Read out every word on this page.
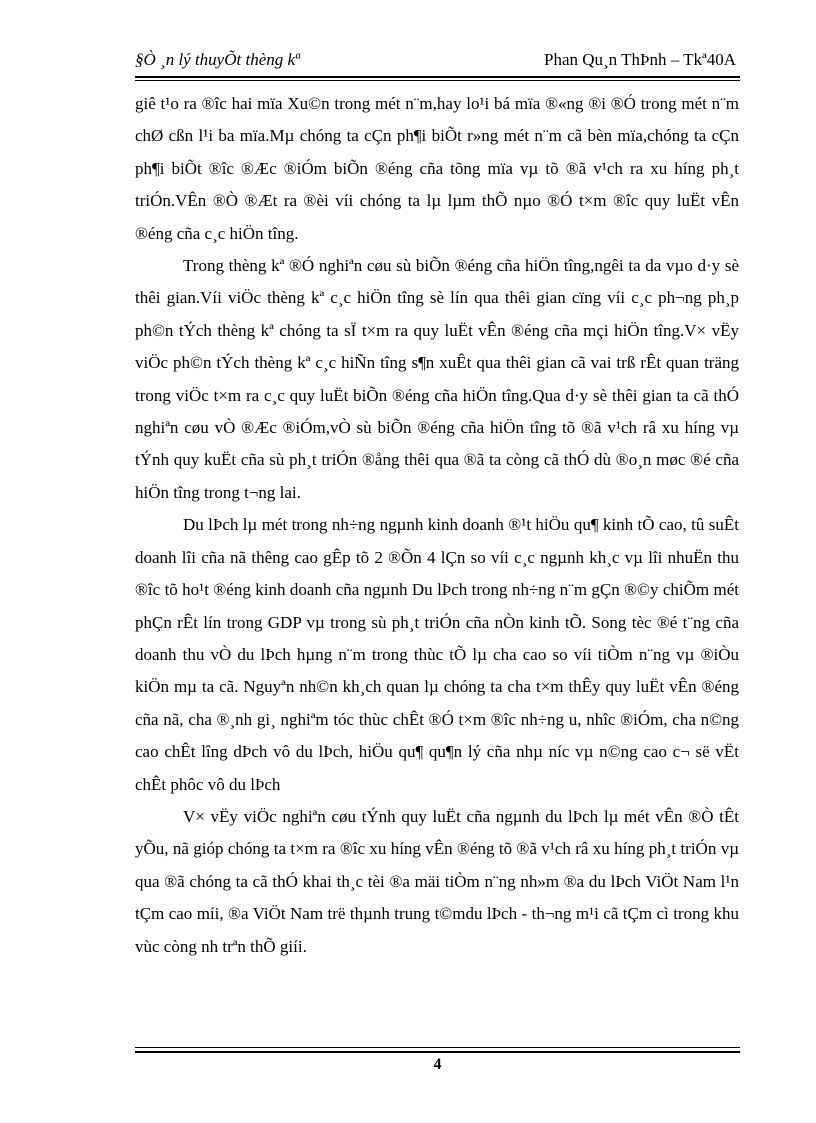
§Ò ¸n lý thuyÕt thèng kª	Phan Qu¸n ThÞnh – Tkª40A

giê t¹o ra ®îc hai mïa Xu©n trong mét n¨m,hay lo¹i bá mïa ®«ng ®i ®Ó trong mét n¨m chØ cßn l¹i ba mïa.Mµ chóng ta cÇn ph¶i biÕt r»ng mét n¨m cã bèn mïa,chóng ta cÇn ph¶i biÕt ®îc ®Æc ®iÓm biÕn ®éng cña tõng mïa vµ tõ ®ã v¹ch ra xu híng ph¸t triÓn.VÊn ®Ò ®Æt ra ®èi víi chóng ta lµ lµm thÕ nµo ®Ó t×m ®îc quy luËt vÊn ®éng cña c¸c hiÖn tîng.

Trong thèng kª ®Ó nghiªn cøu sù biÕn ®éng cña hiÖn tîng,ngêi ta da vµo d·y sè thêi gian.Víi viÖc thèng kª c¸c hiÖn tîng sè lín qua thêi gian cïng víi c¸c ph¬ng ph¸p ph©n tÝch thèng kª chóng ta sÏ t×m ra quy luËt vÊn ®éng cña mçi hiÖn tîng.V× vËy viÖc ph©n tÝch thèng kª c¸c hiÑn tîng s¶n xuÊt qua thêi gian cã vai trß rÊt quan träng trong viÖc t×m ra c¸c quy luËt biÕn ®éng cña hiÖn tîng.Qua d·y sè thêi gian ta cã thÓ nghiªn cøu vÒ ®Æc ®iÓm,vÒ sù biÕn ®éng cña hiÖn tîng tõ ®ã v¹ch râ xu híng vµ tÝnh quy kuËt cña sù ph¸t triÓn ®ång thêi qua ®ã ta còng cã thÓ dù ®o¸n møc ®é cña hiÖn tîng trong t¬ng lai.

Du lÞch lµ mét trong nh÷ng ngµnh kinh doanh ®¹t hiÖu qu¶ kinh tÕ cao, tû suÊt doanh lîi cña nã thêng cao gÊp tõ 2 ®Õn 4 lÇn so víi c¸c ngµnh kh¸c vµ lîi nhuËn thu ®îc tõ ho¹t ®éng kinh doanh cña ngµnh Du lÞch trong nh÷ng n¨m gÇn ®©y chiÕm mét phÇn rÊt lín trong GDP vµ trong sù ph¸t triÓn cña nÒn kinh tÕ. Song tèc ®é t¨ng cña doanh thu vÒ du lÞch hµng n¨m trong thùc tÕ lµ cha cao so víi tiÒm n¨ng vµ ®iÒu kiÖn mµ ta cã. Nguyªn nh©n kh¸ch quan lµ chóng ta cha t×m thÊy quy luËt vÊn ®éng cña nã, cha ®¸nh gi¸ nghiªm tóc thùc chÊt ®Ó t×m ®îc nh÷ng u, nhîc ®iÓm, cha n©ng cao chÊt lîng dÞch vô du lÞch, hiÖu qu¶ qu¶n lý cña nhµ níc vµ n©ng cao c¬ së vËt chÊt phôc vô du lÞch

V× vËy viÖc nghiªn cøu tÝnh quy luËt cña ngµnh du lÞch lµ mét vÊn ®Ò tÊt yÕu, nã gióp chóng ta t×m ra ®îc xu híng vÊn ®éng tõ ®ã v¹ch râ xu híng ph¸t triÓn vµ qua ®ã chóng ta cã thÓ khai th¸c tèi ®a mäi tiÒm n¨ng nh»m ®a du lÞch ViÖt Nam l¹n tÇm cao míi, ®a ViÖt Nam trë thµnh trung t©mdu lÞch - th¬ng m¹i cã tÇm cì trong khu vùc còng nh trªn thÕ giíi.

4
